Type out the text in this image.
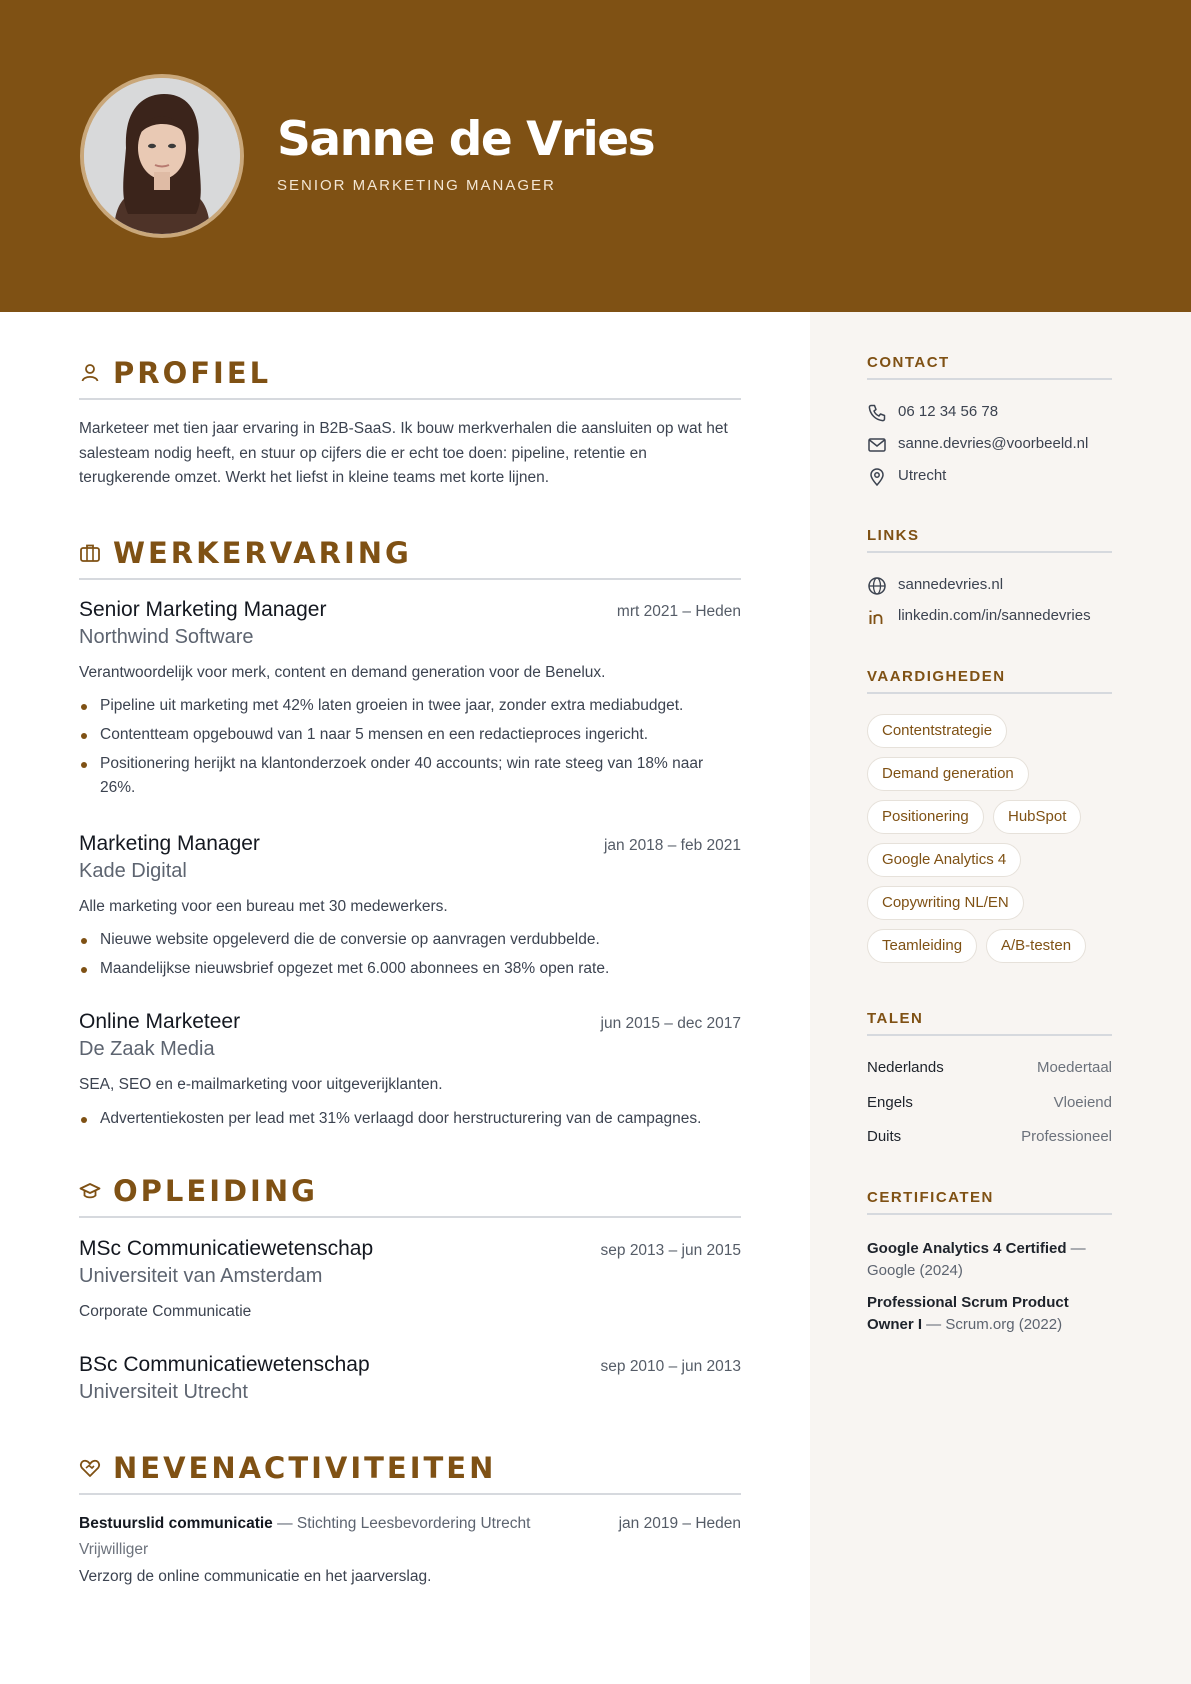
Sanne de Vries
SENIOR MARKETING MANAGER
PROFIEL
Marketeer met tien jaar ervaring in B2B-SaaS. Ik bouw merkverhalen die aansluiten op wat het salesteam nodig heeft, en stuur op cijfers die er echt toe doen: pipeline, retentie en terugkerende omzet. Werkt het liefst in kleine teams met korte lijnen.
WERKERVARING
Senior Marketing Manager	mrt 2021 – Heden
Northwind Software
Verantwoordelijk voor merk, content en demand generation voor de Benelux.
Pipeline uit marketing met 42% laten groeien in twee jaar, zonder extra mediabudget.
Contentteam opgebouwd van 1 naar 5 mensen en een redactieproces ingericht.
Positionering herijkt na klantonderzoek onder 40 accounts; win rate steeg van 18% naar 26%.
Marketing Manager	jan 2018 – feb 2021
Kade Digital
Alle marketing voor een bureau met 30 medewerkers.
Nieuwe website opgeleverd die de conversie op aanvragen verdubbelde.
Maandelijkse nieuwsbrief opgezet met 6.000 abonnees en 38% open rate.
Online Marketeer	jun 2015 – dec 2017
De Zaak Media
SEA, SEO en e-mailmarketing voor uitgeverijklanten.
Advertentiekosten per lead met 31% verlaagd door herstructurering van de campagnes.
OPLEIDING
MSc Communicatiewetenschap	sep 2013 – jun 2015
Universiteit van Amsterdam
Corporate Communicatie
BSc Communicatiewetenschap	sep 2010 – jun 2013
Universiteit Utrecht
NEVENACTIVITEITEN
Bestuurslid communicatie — Stichting Leesbevordering Utrecht	jan 2019 – Heden
Vrijwilliger
Verzorg de online communicatie en het jaarverslag.
CONTACT
06 12 34 56 78
sanne.devries@voorbeeld.nl
Utrecht
LINKS
sannedevries.nl
linkedin.com/in/sannedevries
VAARDIGHEDEN
Contentstrategie
Demand generation
Positionering	HubSpot
Google Analytics 4
Copywriting NL/EN
Teamleiding	A/B-testen
TALEN
Nederlands	Moedertaal
Engels	Vloeiend
Duits	Professioneel
CERTIFICATEN
Google Analytics 4 Certified — Google (2024)
Professional Scrum Product Owner I — Scrum.org (2022)
